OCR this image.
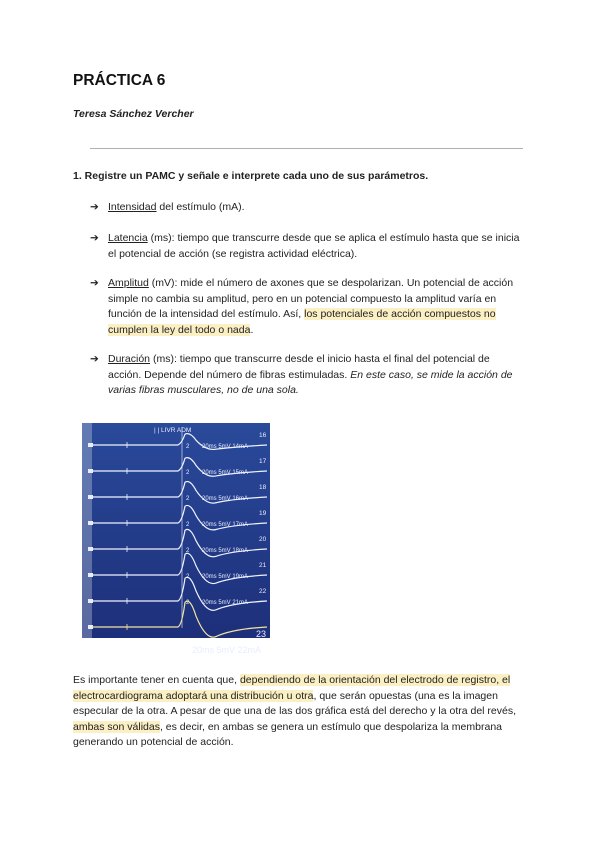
PRÁCTICA 6
Teresa Sánchez Vercher
1. Registre un PAMC y señale e interprete cada uno de sus parámetros.
➔ Intensidad del estímulo (mA).
➔ Latencia (ms): tiempo que transcurre desde que se aplica el estímulo hasta que se inicia el potencial de acción (se registra actividad eléctrica).
➔ Amplitud (mV): mide el número de axones que se despolarizan. Un potencial de acción simple no cambia su amplitud, pero en un potencial compuesto la amplitud varía en función de la intensidad del estímulo. Así, los potenciales de acción compuestos no cumplen la ley del todo o nada.
➔ Duración (ms): tiempo que transcurre desde el inicio hasta el final del potencial de acción. Depende del número de fibras estimuladas. En este caso, se mide la acción de varias fibras musculares, no de una sola.
| | LIVR ADM
2
16
20ms 5mV 14mA
2
17
20ms 5mV 15mA
2
18
20ms 5mV 16mA
2
19
20ms 5mV 17mA
2
20
20ms 5mV 18mA
2
21
20ms 5mV 19mA
2
22
20ms 5mV 21mA
23
20ms 5mV 22mA
Es importante tener en cuenta que, dependiendo de la orientación del electrodo de registro, el electrocardiograma adoptará una distribución u otra, que serán opuestas (una es la imagen especular de la otra. A pesar de que una de las dos gráfica está del derecho y la otra del revés, ambas son válidas, es decir, en ambas se genera un estímulo que despolariza la membrana generando un potencial de acción.
